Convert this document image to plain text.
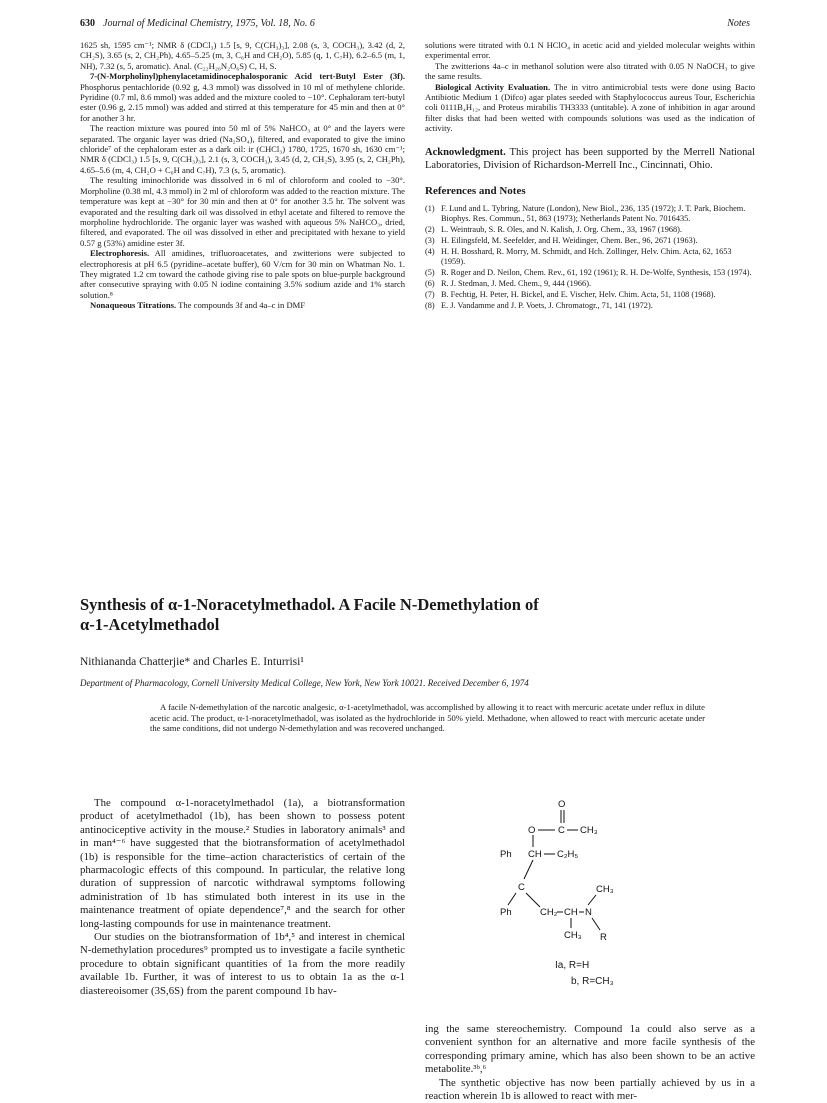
630 Journal of Medicinal Chemistry, 1975, Vol. 18, No. 6	Notes

1625 sh, 1595 cm⁻¹; NMR δ (CDCl₃) 1.5 [s, 9, C(CH₃)₃], 2.08 (s, 3, COCH₃), 3.42 (d, 2, CH₂S), 3.65 (s, 2, CH₂Ph), 4.65–5.25 (m, 3, C₆H and CH₂O), 5.85 (q, 1, C₇H), 6.2–6.5 (m, 1, NH), 7.32 (s, 5, aromatic). Anal. (C₂₂H₂₆N₂O₆S) C, H, S.

7-(N-Morpholinyl)phenylacetamidinocephalosporanic Acid tert-Butyl Ester (3f). Phosphorus pentachloride (0.92 g, 4.3 mmol) was dissolved in 10 ml of methylene chloride. Pyridine (0.7 ml, 8.6 mmol) was added and the mixture cooled to −10°. Cephaloram tert-butyl ester (0.96 g, 2.15 mmol) was added and stirred at this temperature for 45 min and then at 0° for another 3 hr.

The reaction mixture was poured into 50 ml of 5% NaHCO₃ at 0° and the layers were separated. The organic layer was dried (Na₂SO₄), filtered, and evaporated to give the imino chloride⁷ of the cephaloram ester as a dark oil: ir (CHCl₃) 1780, 1725, 1670 sh, 1630 cm⁻¹; NMR δ (CDCl₃) 1.5 [s, 9, C(CH₃)₃], 2.1 (s, 3, COCH₃), 3.45 (d, 2, CH₂S), 3.95 (s, 2, CH₂Ph), 4.65–5.6 (m, 4, CH₂O + C₆H and C₇H), 7.3 (s, 5, aromatic).

The resulting iminochloride was dissolved in 6 ml of chloroform and cooled to −30°. Morpholine (0.38 ml, 4.3 mmol) in 2 ml of chloroform was added to the reaction mixture. The temperature was kept at −30° for 30 min and then at 0° for another 3.5 hr. The solvent was evaporated and the resulting dark oil was dissolved in ethyl acetate and filtered to remove the morpholine hydrochloride. The organic layer was washed with aqueous 5% NaHCO₃, dried, filtered, and evaporated. The oil was dissolved in ether and precipitated with hexane to yield 0.57 g (53%) amidine ester 3f.

Electrophoresis. All amidines, trifluoroacetates, and zwitterions were subjected to electrophoresis at pH 6.5 (pyridine–acetate buffer), 60 V/cm for 30 min on Whatman No. 1. They migrated 1.2 cm toward the cathode giving rise to pale spots on blue-purple background after consecutive spraying with 0.05 N iodine containing 3.5% sodium azide and 1% starch solution.⁸

Nonaqueous Titrations. The compounds 3f and 4a–c in DMF

solutions were titrated with 0.1 N HClO₄ in acetic acid and yielded molecular weights within experimental error.

The zwitterions 4a–c in methanol solution were also titrated with 0.05 N NaOCH₃ to give the same results.

Biological Activity Evaluation. The in vitro antimicrobial tests were done using Bacto Antibiotic Medium 1 (Difco) agar plates seeded with Staphylococcus aureus Tour, Escherichia coli 0111B₄H₁₂, and Proteus mirabilis TH3333 (untitable). A zone of inhibition in agar around filter disks that had been wetted with compounds solutions was used as the indication of activity.

Acknowledgment. This project has been supported by the Merrell National Laboratories, Division of Richardson-Merrell Inc., Cincinnati, Ohio.
References and Notes
(1) F. Lund and L. Tybring, Nature (London), New Biol., 236, 135 (1972); J. T. Park, Biochem. Biophys. Res. Commun., 51, 863 (1973); Netherlands Patent No. 7016435.
(2) L. Weintraub, S. R. Oles, and N. Kalish, J. Org. Chem., 33, 1967 (1968).
(3) H. Eilingsfeld, M. Seefelder, and H. Weidinger, Chem. Ber., 96, 2671 (1963).
(4) H. H. Bosshard, R. Morry, M. Schmidt, and Hch. Zollinger, Helv. Chim. Acta, 62, 1653 (1959).
(5) R. Roger and D. Neilon, Chem. Rev., 61, 192 (1961); R. H. De-Wolfe, Synthesis, 153 (1974).
(6) R. J. Stedman, J. Med. Chem., 9, 444 (1966).
(7) B. Fechtig, H. Peter, H. Bickel, and E. Vischer, Helv. Chim. Acta, 51, 1108 (1968).
(8) E. J. Vandamme and J. P. Voets, J. Chromatogr., 71, 141 (1972).
Synthesis of α-1-Noracetylmethadol. A Facile N-Demethylation of
α-1-Acetylmethadol
Nithiananda Chatterjie* and Charles E. Inturrisi¹
Department of Pharmacology, Cornell University Medical College, New York, New York 10021. Received December 6, 1974
A facile N-demethylation of the narcotic analgesic, α-1-acetylmethadol, was accomplished by allowing it to react with mercuric acetate under reflux in dilute acetic acid. The product, α-1-noracetylmethadol, was isolated as the hydrochloride in 50% yield. Methadone, when allowed to react with mercuric acetate under the same conditions, did not undergo N-demethylation and was recovered unchanged.

The compound α-1-noracetylmethadol (1a), a biotransformation product of acetylmethadol (1b), has been shown to possess potent antinociceptive activity in the mouse.² Studies in laboratory animals³ and in man⁴⁻⁶ have suggested that the biotransformation of acetylmethadol (1b) is responsible for the time–action characteristics of certain of the pharmacologic effects of this compound. In particular, the relative long duration of suppression of narcotic withdrawal symptoms following administration of 1b has stimulated both interest in its use in the maintenance treatment of opiate dependence⁷,⁸ and the search for other long-lasting compounds for use in maintenance treatment.

Our studies on the biotransformation of 1b⁴,⁵ and interest in chemical N-demethylation procedures⁹ prompted us to investigate a facile synthetic procedure to obtain significant quantities of 1a from the more readily available 1b. Further, it was of interest to us to obtain 1a as the α-1 diastereoisomer (3S,6S) from the parent compound 1b hav-

O
O C CH₃
Ph CH C₂H₅
C	CH₃
Ph	CH₂ CH N
CH₃ R
Ia, R=H
b, R=CH₃

ing the same stereochemistry. Compound 1a could also serve as a convenient synthon for an alternative and more facile synthesis of the corresponding primary amine, which has also been shown to be an active metabolite.³ᵇ,⁶

The synthetic objective has now been partially achieved by us in a reaction wherein 1b is allowed to react with mer-
